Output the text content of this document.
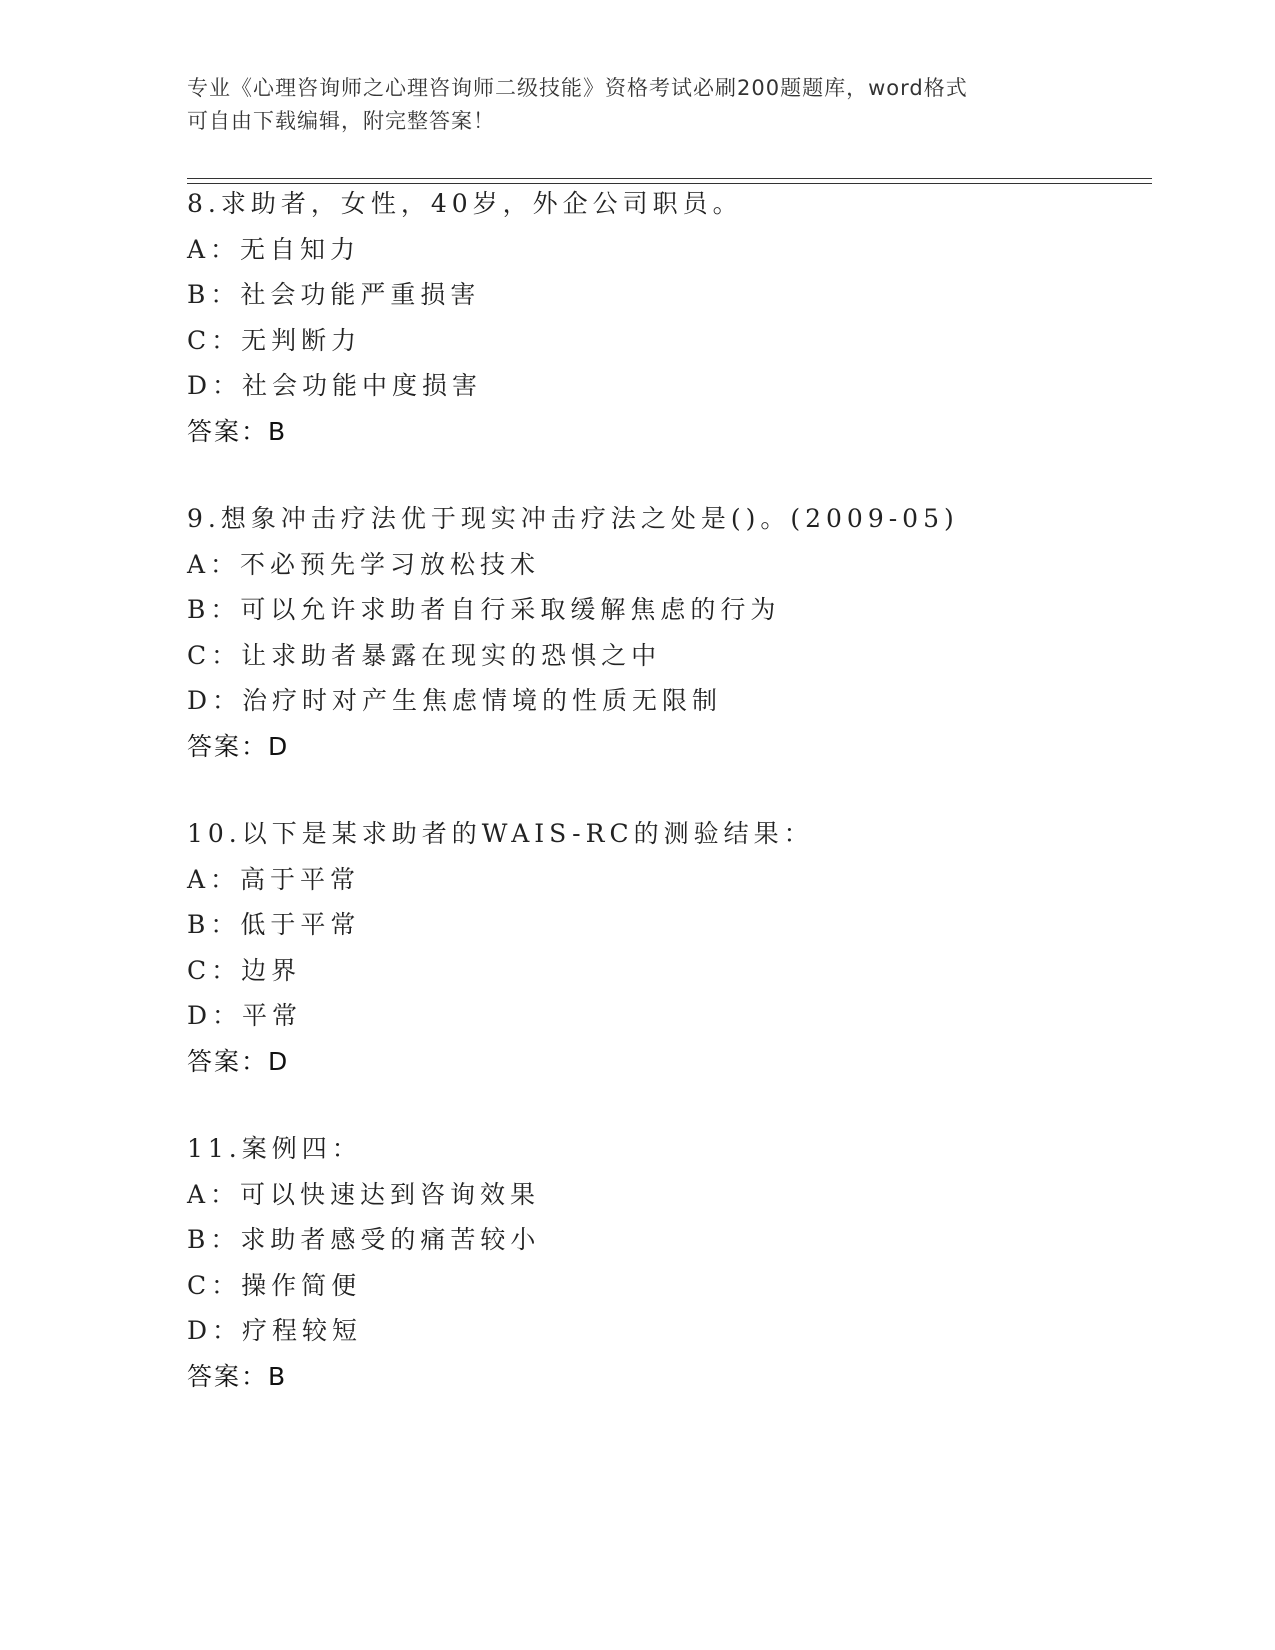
专业《心理咨询师之心理咨询师二级技能》资格考试必刷200题题库，word格式
可自由下载编辑，附完整答案！
8.求助者，女性，40岁，外企公司职员。
A：无自知力
B：社会功能严重损害
C：无判断力
D：社会功能中度损害
答案：B
9.想象冲击疗法优于现实冲击疗法之处是()。(2009-05)
A：不必预先学习放松技术
B：可以允许求助者自行采取缓解焦虑的行为
C：让求助者暴露在现实的恐惧之中
D：治疗时对产生焦虑情境的性质无限制
答案：D
10.以下是某求助者的WAIS-RC的测验结果：
A：高于平常
B：低于平常
C：边界
D：平常
答案：D
11.案例四：
A：可以快速达到咨询效果
B：求助者感受的痛苦较小
C：操作简便
D：疗程较短
答案：B
